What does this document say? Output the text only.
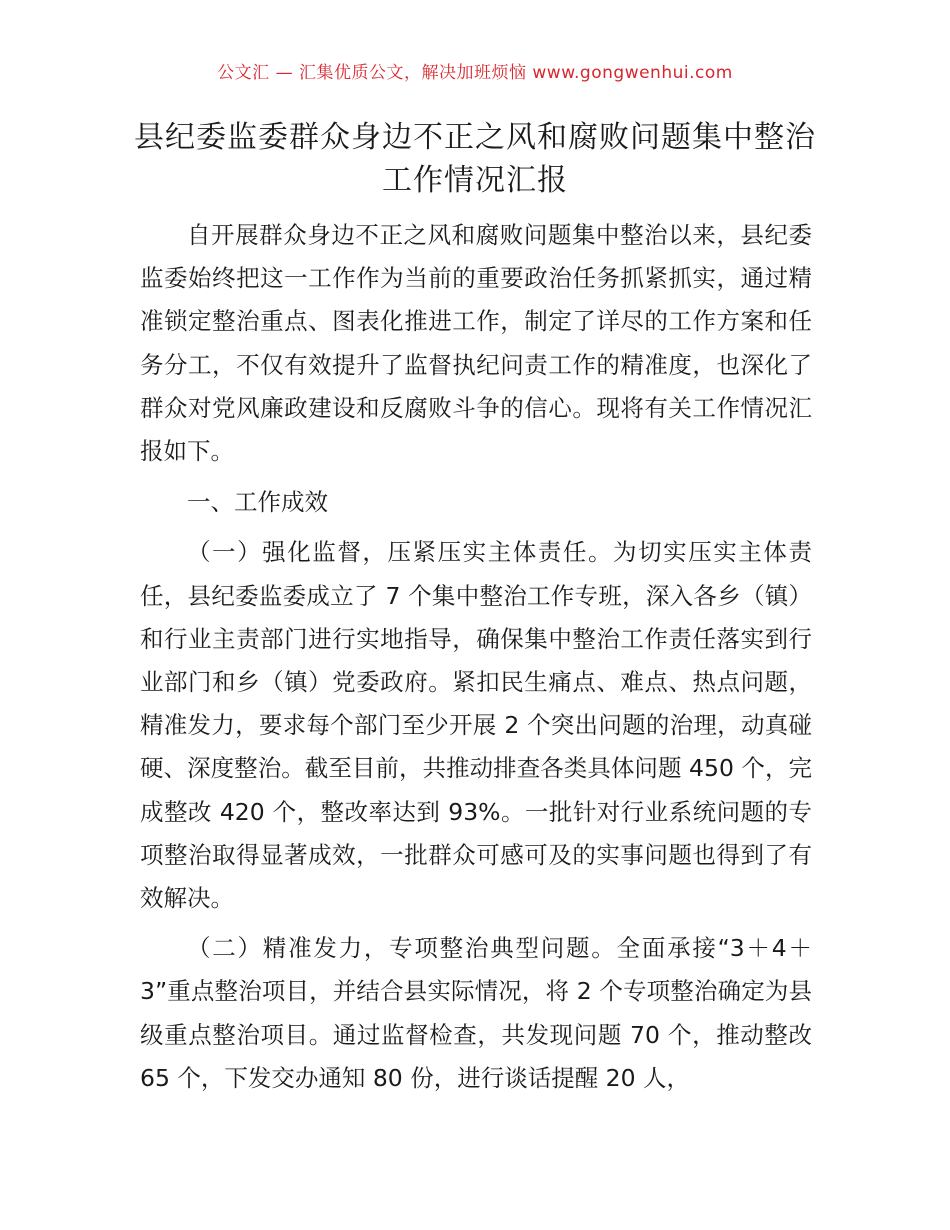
公文汇 — 汇集优质公文，解决加班烦恼 www.gongwenhui.com
县纪委监委群众身边不正之风和腐败问题集中整治工作情况汇报

自开展群众身边不正之风和腐败问题集中整治以来，县纪委监委始终把这一工作作为当前的重要政治任务抓紧抓实，通过精准锁定整治重点、图表化推进工作，制定了详尽的工作方案和任务分工，不仅有效提升了监督执纪问责工作的精准度，也深化了群众对党风廉政建设和反腐败斗争的信心。现将有关工作情况汇报如下。

一、工作成效

（一）强化监督，压紧压实主体责任。为切实压实主体责任，县纪委监委成立了 7 个集中整治工作专班，深入各乡（镇）和行业主责部门进行实地指导，确保集中整治工作责任落实到行业部门和乡（镇）党委政府。紧扣民生痛点、难点、热点问题，精准发力，要求每个部门至少开展 2 个突出问题的治理，动真碰硬、深度整治。截至目前，共推动排查各类具体问题 450 个，完成整改 420 个，整改率达到 93%。一批针对行业系统问题的专项整治取得显著成效，一批群众可感可及的实事问题也得到了有效解决。

（二）精准发力，专项整治典型问题。全面承接“3＋4＋3”重点整治项目，并结合县实际情况，将 2 个专项整治确定为县级重点整治项目。通过监督检查，共发现问题 70 个，推动整改 65 个，下发交办通知 80 份，进行谈话提醒 20 人，
